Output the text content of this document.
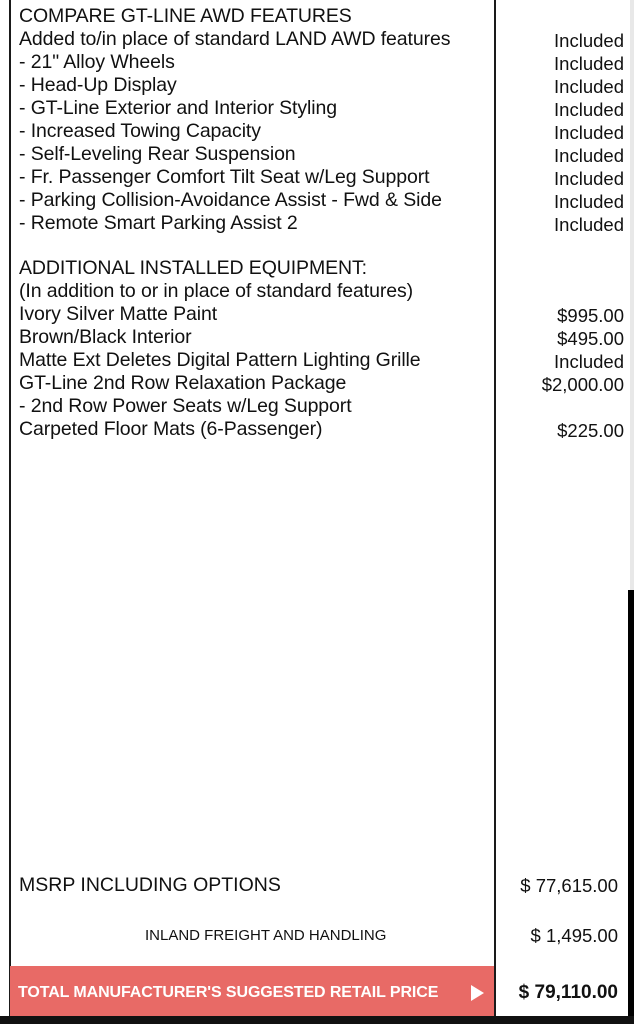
COMPARE GT-LINE AWD FEATURES
Added to/in place of standard LAND AWD features	Included
- 21" Alloy Wheels	Included
- Head-Up Display	Included
- GT-Line Exterior and Interior Styling	Included
- Increased Towing Capacity	Included
- Self-Leveling Rear Suspension	Included
- Fr. Passenger Comfort Tilt Seat w/Leg Support	Included
- Parking Collision-Avoidance Assist - Fwd & Side	Included
- Remote Smart Parking Assist 2	Included
ADDITIONAL INSTALLED EQUIPMENT:
(In addition to or in place of standard features)
Ivory Silver Matte Paint	$995.00
Brown/Black Interior	$495.00
Matte Ext Deletes Digital Pattern Lighting Grille	Included
GT-Line 2nd Row Relaxation Package	$2,000.00
- 2nd Row Power Seats w/Leg Support
Carpeted Floor Mats (6-Passenger)	$225.00
MSRP INCLUDING OPTIONS	$ 77,615.00
INLAND FREIGHT AND HANDLING	$ 1,495.00
TOTAL MANUFACTURER'S SUGGESTED RETAIL PRICE	$ 79,110.00
